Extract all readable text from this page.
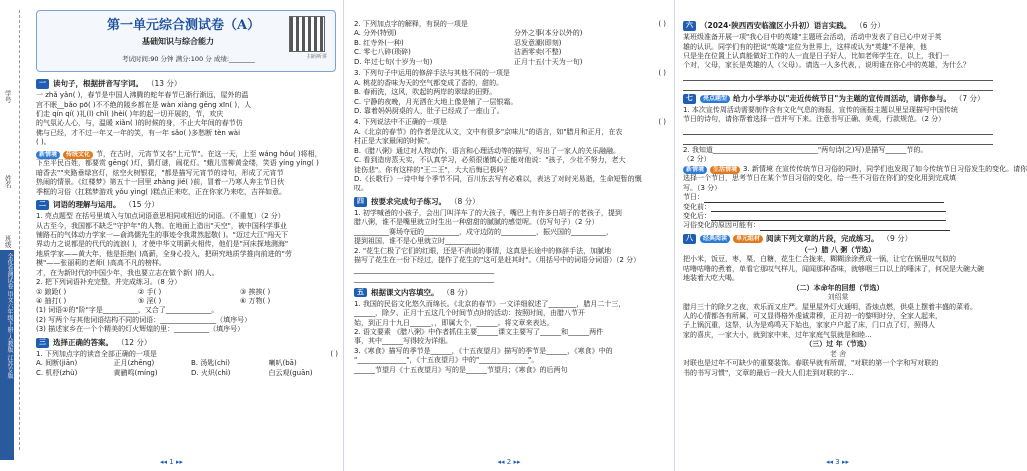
学号
姓名
班级
全优卷测试卷 语文六年级下册·人教版 江苏专版
第一单元综合测试卷（A）
基础知识与综合能力
考试时间:90 分钟 满分:100 分 成绩:________	扫码听讲
一 读句子，根据拼音写字词。 （13 分）
一 zhǎ yǎn( )，春节是中国人沸腾的蛇年春节已渐行渐远，屋外的温
宫不眠__bǎo pō( )不不绝的陵乡都在是 wàn xiàng gēng xīn( )，人
们走 qín qí( )礼(l) chǐ( )hèi( )年的起一切开展的，节，欢庆
的气氛沁人心，与，温暖 xiǎn( )的时候的身，不止大年间的春节仿
佛与已经，才不过一年又一年的笑，有一年 sǎo( )多愁断 tèn wài
( )。
新情境 传统文化 节，在古时，元宵节又名"上元节"。在这一天，上至 wáng hóu( )将相，
下至平民百姓，都要赏 gēng( )灯，猜灯谜，闹花灯。"蛾儿雪柳黄金缕，笑语 yíng yíng( )
暗香去""夹路垂绿宫灯，炫空火树银花，"都是描写元宵节的诗句，形成了元宵节
热闹的情景。《红楼梦》第五十一回里 zhàng jié( )前，冒着一乃寒人奔主节日伙
季框的习俗（扛糕梦游戏 yǒu yìng( )糕点正来吃，正在你家乃来吃，吉祥如意。
二 词语的理解与运用。 （15 分）
1. 亮点题型 在括号里填入与加点词语意思相同或相近的词语。（不重复）（2 分）
从古至今，我国都不缺乏"守护年"的人物。在地面上造出"天空"，被中国科学事业
铺路石的气体动力学家一—俞鸿儒先生的事迹令我肃然起敬( )。"迈过大江"闯天下
界动力之说都是的代代的流浪( )，才使中华文明薪火相传，他们是"河床探地测海"
地质学家——黄大年，他是拒绝( )高薪，全身心投入，把研究地质学推向前进的"劳
模"——张丽莉的老师( )高高不凡的榜样。
才，在为新时代的中国少年，我也要立志在做个新( )的人。
2. 把下列词语补充完整，并完成练习。（8 分）
① 踉跄( )	② 手( )	③ 挨挨( )
④ 抽打( )	⑤ 淫( )	⑥ 万物( )
(1) 词语①的"阶"字是__________，又合了_____________。
(2) 写两个与其他词语结构不同的词语：________________（填序号）
(3) 描述家乡在一个个精美的灯火辉煌的里：__________（填序号）
三 选择正确的答案。 （12 分）
1. 下列加点字的读音全部正确的一项是	( )
A. 间断(jiān)	正月(zhēng)	B. 汤匙(chí)	喇叭(bā)
C. 机杼(zhù)	黄鹂鸣(míng)	D. 火炽(chì)	白云观(guān)
◂◂ 1 ▸▸
2. 下列加点字的解释，有误的一项是	( )
A. 分外(特别)	分外之事(本分以外的)
B. 红寺外(一种)	忍发意潮(即刻)
C. 零七八碎(琐碎)	沽酒零卖(不整)
D. 年过七旬(十岁为一旬)	正月十五(十天为一旬)
3. 下列句子中运用的修辞手法与其他不同的一项是	( )
A. 桃花的香味为天的空气都变成了香的，甜的。
B. 春雨洗，这风，吹起的两岸的翠绿的田野。
C. 宁静的夜晚，月光洒在大地上像是铺了一层银霜。
D. 靠着妈妈厨桌的人，肚子已经成了一座山了。
4. 下列说法中不正确的一项是	( )
A.《北京的春节》的作者是沈从文，文中有很多"京味儿"的语言，如"腊月和正月，在农
村正是大家最闲的时候"。
B.《腊八粥》通过对人物动作、语言和心理活动等的描写，写出了一家人的关乐融融。
C. 看到造房蒸天实，不认真学习，必须很谨慎心正能对他说："孩子，少壮不努力，老大
徒伤悲"。你有这样的"王二王"，大大后悔已极吗？
D.《长歌行》一诗中每个季节不同，百川东去写有必难以，表达了对时光易逝，生命短暂的慨
叹。
四 按要求完成句子练习。 （8 分）
1. 初学喊爸的小孩子，会出门叫洋车了的大孩子，嘴巴上有许多白胡子的老孩子，提到
腊八粥，谁不是嘴里就立时生出一种甜甜的腻腻的感觉呢。（仿写句子）（2 分）
__________赛场夺冠的__________，戍守边防的__________，振兴国的__________，
提到祖国，谁不是心里就立时__________
2. "花生仁极了它们的红眼，还是不消说的事情，这真是长途中的修辞手法，加腻地
描写了花生在一份下经过，提作了花生的"这可是赶其时"。（用括号中的词语分词语）（2 分）
________________________________________
________________________________________
五 根据课文内容填空。 （8 分）
1. 我国的民俗文化悠久而绵长。《北京的春节》一文详细叙述了________，腊月二十三，
______，除夕、正月十五这几个时间节点时的活动：按照时间，由腊八节开
始，到正月十九日______，，即属大个，______。将文章来表达。
2. 语文要素 《腊八粥》中作者抓住主要______课文主要写了______和______两件
事，其中______写得较为详细。
3.《寒食》描写的季节是______，《十五夜望月》描写的季节是______，《寒食》中的
"______________"，《十五夜望月》中的"______________"。
______节望月《十五夜望月》写的是______节望月；《寒食》的后两句
◂◂ 2 ▸▸
六 （2024·陕西西安临潼区小升初）语言实践。 （6 分）
某班级准备开展一项"我心目中的英雄"主题班会活动，活动中发表了自已心中对于英
雄的认识。同学们有的把说"英雄"定位为世界上，这样或认为"英雄"不是神，他
只是坐在位置上认真能做好工作的人一直是日子好人，比如老师学生在，以上，我们一
个对，父母，家长是英雄的人（父母）。请选一人多代表，，说明谁在你心中的英雄，为什么？
七	亮点题型 给力小学举办以"走近传统节日"为主题的宣传周活动，请你参与。 （7 分）
1. 本次宣传周活动需要制作含有文化气息的海报，宣传的画报主题以里呈现描写中国传统
节日的诗句，请你帮着选择一首并写下来。注意书写正确、美观，行款规范。（2 分）
2. 我知道______________________________"两句诗(之)写)是描写______节的。
（2 分）
新情境 生活情境 3. 新情境 在宣传传统节日习俗的同时，同学们也发现了如今传统节日习俗发生的变化。请你
选择一个节日，思考节日在某个节目习俗的变化，给一些不习俗在你们的变化用到完成填
写。（3 分）
节日：
变化前：
变化后：
习俗变化的原因可能有：
八	经典阅读	单元组材 阅读下列文章的片段，完成练习。 （9 分）
（一）腊 八 粥（节选）
把小米，饭豆，枣，栗，白糖，花生仁合拢来，糊糊涂涂煮成一锅，让它在锅里叹气似的
咕噜咕噜的煮着，单看它那叹气样儿，闻闻那种香味，就够咽三口以上的唾沫了，何况是大碗大碗
地装着大吃大喝。
（二）本命年的回想（节选）
刘绍棠
腊月三十的除夕之夜，欢乐而又庄严。屋里屋外灯火通明，香烛点燃，供桌上摆着丰盛的菜肴。
人的心情都各有所属，可又显得格外虔诚肃穆，正月初一的黎明时分，全家人起来，
子上锅沉重，这祭，认为是鸡鸣天下始也，家家户户起了床，门口点了灯，照得人
家的喜庆，一家大小，就到家中来，过年家庭气氛就是和睦...
（三）过 年（节选）
老 舍
对联也是过年不可缺少的重要装饰。春联早就有所谓，"对联的第一个字和写对联的
书的书写习惯"，文章的最后一段大人们走到对联的字...
◂◂ 3 ▸▸
